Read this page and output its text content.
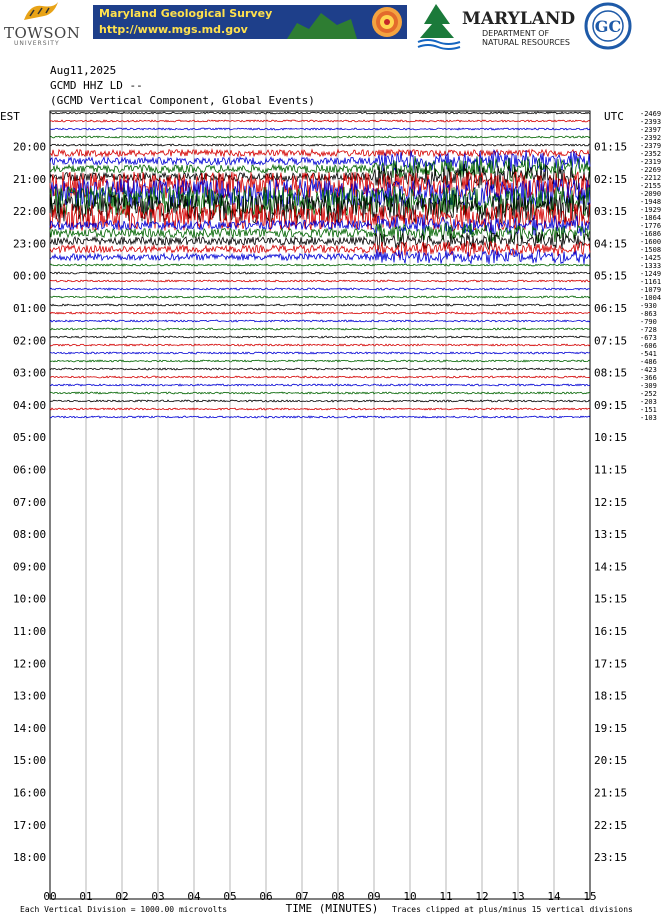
TOWSON
UNIVERSITY
Maryland Geological Survey
http://www.mgs.md.gov
MARYLAND
DEPARTMENT OF
NATURAL RESOURCES
GC
Aug11,2025
GCMD HHZ LD --
(GCMD Vertical Component, Global Events)
EST	UTC
20:00
21:00
22:00
23:00
00:00
01:00
02:00
03:00
04:00
05:00
06:00
07:00
08:00
09:00
10:00
11:00
12:00
13:00
14:00
15:00
16:00
17:00
18:00
01:15
02:15
03:15
04:15
05:15
06:15
07:15
08:15
09:15
10:15
11:15
12:15
13:15
14:15
15:15
16:15
17:15
18:15
19:15
20:15
21:15
22:15
23:15
-2469
-2393
-2397
-2392
-2379
-2352
-2319
-2269
-2212
-2155
-2090
-1948
-1929
-1864
-1776
-1686
-1600
-1508
-1425
-1333
-1249
-1161
-1079
-1004
-930
-863
-790
-728
-673
-606
-541
-486
-423
-366
-309
-252
-203
-151
-103
00 01 02 03 04 05 06 07 08 09 10 11 12 13 14 15
TIME (MINUTES)
Each Vertical Division = 1000.00 microvolts	Traces clipped at plus/minus 15 vertical divisions
